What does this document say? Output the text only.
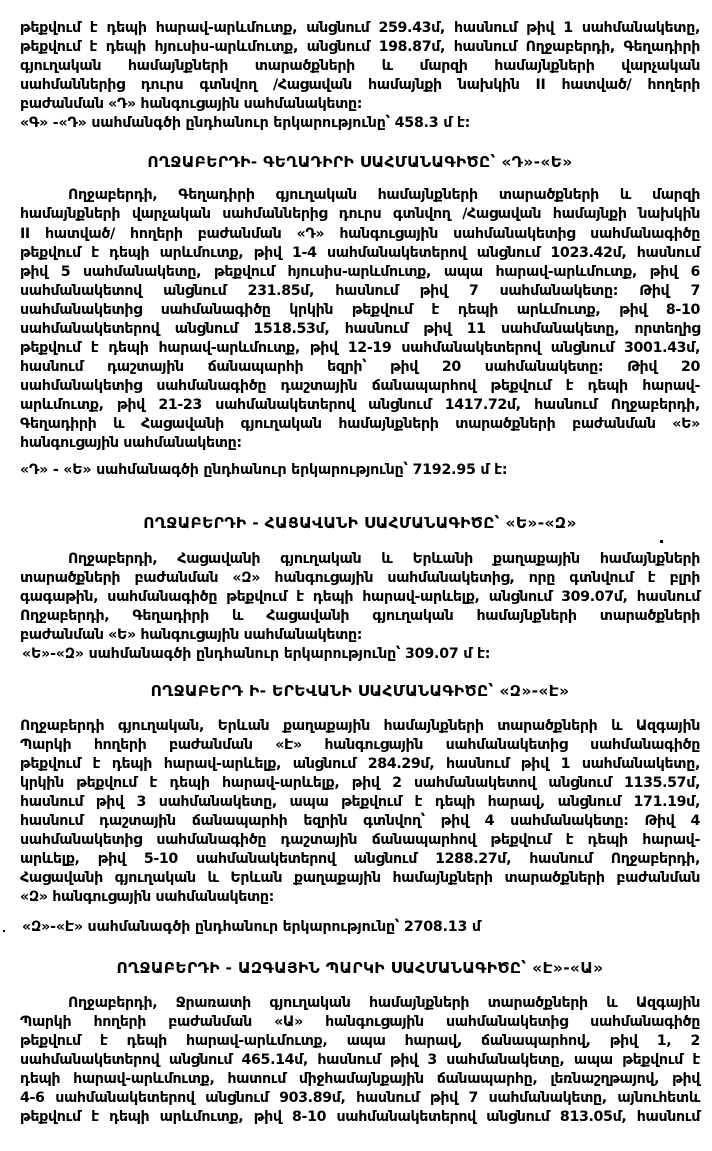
թեքվում է դեպի հարավ-արևմուտք, անցնում 259.43մ, հասնում թիվ 1 սահմանակետը,
թեքվում է դեպի հյուսիս-արևմուտք, անցնում 198.87մ, հասնում Ողջաբերդի, Գեղադիրի
գյուղական համայնքների տարածքների և մարզի համայնքների վարչական
սահմաններից դուրս գտնվող /Հացավան համայնքի նախկին II հատված/ հողերի
բաժանման «Դ» հանգուցային սահմանակետը:
«Գ» -«Դ» սահմանգծի ընդհանուր երկարությունը՝ 458.3 մ է:
ՈՂՋԱԲԵՐԴԻ- ԳԵՂԱԴԻՐԻ ՍԱՀՄԱՆԱԳԻԾԸ՝ «Դ»-«Ե»
Ողջաբերդի, Գեղադիրի գյուղական համայնքների տարածքների և մարզի
համայնքների վարչական սահմաններից դուրս գտնվող /Հացավան համայնքի նախկին
II հատված/ հողերի բաժանման «Դ» հանգուցային սահմանակետից սահմանագիծը
թեքվում է դեպի արևմուտք, թիվ 1-4 սահմանակետերով անցնում 1023.42մ, հասնում
թիվ 5 սահմանակետը, թեքվում հյուսիս-արևմուտք, ապա հարավ-արևմուտք, թիվ 6
սահմանակետով անցնում 231.85մ, հասնում թիվ 7 սահմանակետը: Թիվ 7
սահմանակետից սահմանագիծը կրկին թեքվում է դեպի արևմուտք, թիվ 8-10
սահմանակետերով անցնում 1518.53մ, հասնում թիվ 11 սահմանակետը, որտեղից
թեքվում է դեպի հարավ-արևմուտք, թիվ 12-19 սահմանակետերով անցնում 3001.43մ,
հասնում դաշտային ճանապարհի եզրի՝ թիվ 20 սահմանակետը: Թիվ 20
սահմանակետից սահմանագիծը դաշտային ճանապարհով թեքվում է դեպի հարավ-
արևմուտք, թիվ 21-23 սահմանակետերով անցնում 1417.72մ, հասնում Ողջաբերդի,
Գեղադիրի և Հացավանի գյուղական համայնքների տարածքների բաժանման «Ե»
հանգուցային սահմանակետը:
«Դ» - «Ե» սահմանագծի ընդհանուր երկարությունը՝ 7192.95 մ է:
ՈՂՋԱԲԵՐԴԻ - ՀԱՑԱՎԱՆԻ ՍԱՀՄԱՆԱԳԻԾԸ՝ «Ե»-«Զ»
Ողջաբերդի, Հացավանի գյուղական և Երևանի քաղաքային համայնքների
տարածքների բաժանման «Զ» հանգուցային սահմանակետից, որը գտնվում է բլրի
գագաթին, սահմանագիծը թեքվում է դեպի հարավ-արևելք, անցնում 309.07մ, հասնում
Ողջաբերդի, Գեղադիրի և Հացավանի գյուղական համայնքների տարածքների
բաժանման «Ե» հանգուցային սահմանակետը:
«Ե»-«Զ» սահմանագծի ընդհանուր երկարությունը՝ 309.07 մ է:
ՈՂՋԱԲԵՐԴ Ի- ԵՐԵՎԱՆԻ ՍԱՀՄԱՆԱԳԻԾԸ՝ «Զ»-«Է»
Ողջաբերդի գյուղական, Երևան քաղաքային համայնքների տարածքների և Ազգային
Պարկի հողերի բաժանման «Է» հանգուցային սահմանակետից սահմանագիծը
թեքվում է դեպի հարավ-արևելք, անցնում 284.29մ, հասնում թիվ 1 սահմանակետը,
կրկին թեքվում է դեպի հարավ-արևելք, թիվ 2 սահմանակետով անցնում 1135.57մ,
հասնում թիվ 3 սահմանակետը, ապա թեքվում է դեպի հարավ, անցնում 171.19մ,
հասնում դաշտային ճանապարհի եզրին գտնվող՝ թիվ 4 սահմանակետը: Թիվ 4
սահմանակետից սահմանագիծը դաշտային ճանապարհով թեքվում է դեպի հարավ-
արևելք, թիվ 5-10 սահմանակետերով անցնում 1288.27մ, հասնում Ողջաբերդի,
Հացավանի գյուղական և Երևան քաղաքային համայնքների տարածքների բաժանման
«Զ» հանգուցային սահմանակետը:
«Զ»-«Է» սահմանագծի ընդհանուր երկարությունը՝ 2708.13 մ
ՈՂՋԱԲԵՐԴԻ - ԱԶԳԱՅԻՆ ՊԱՐԿԻ ՍԱՀՄԱՆԱԳԻԾԸ՝ «Է»-«Ա»
Ողջաբերդի, Ջրառատի գյուղական համայնքների տարածքների և Ազգային
Պարկի հողերի բաժանման «Ա» հանգուցային սահմանակետից սահմանագիծը
թեքվում է դեպի հարավ-արևմուտք, ապա հարավ, ճանապարհով, թիվ 1, 2
սահմանակետերով անցնում 465.14մ, հասնում թիվ 3 սահմանակետը, ապա թեքվում է
դեպի հարավ-արևմուտք, հատում միջհամայնքային ճանապարհը, լեռնաշղթայով, թիվ
4-6 սահմանակետերով անցնում 903.89մ, հասնում թիվ 7 սահմանակետը, այնուհետև
թեքվում է դեպի արևմուտք, թիվ 8-10 սահմանակետերով անցնում 813.05մ, հասնում
